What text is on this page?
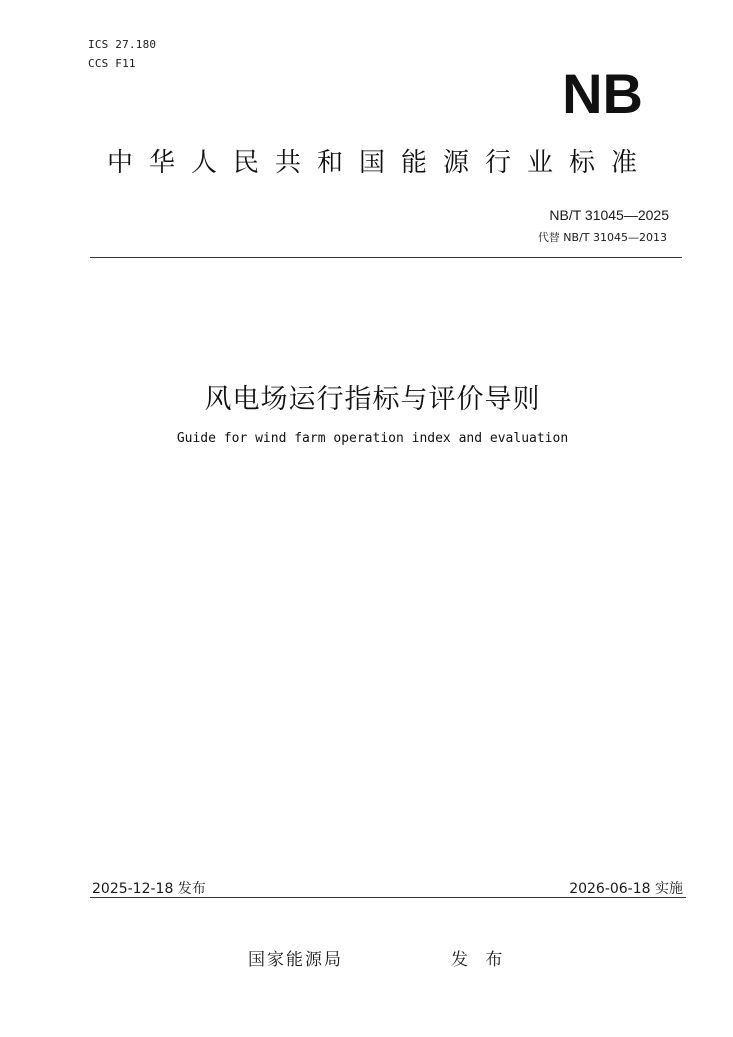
ICS 27.180
CCS F11	NB
中华人民共和国能源行业标准
NB/T 31045—2025
代替 NB/T 31045—2013
风电场运行指标与评价导则
Guide for wind farm operation index and evaluation
2025-12-18 发布	2026-06-18 实施
国家能源局	发 布
